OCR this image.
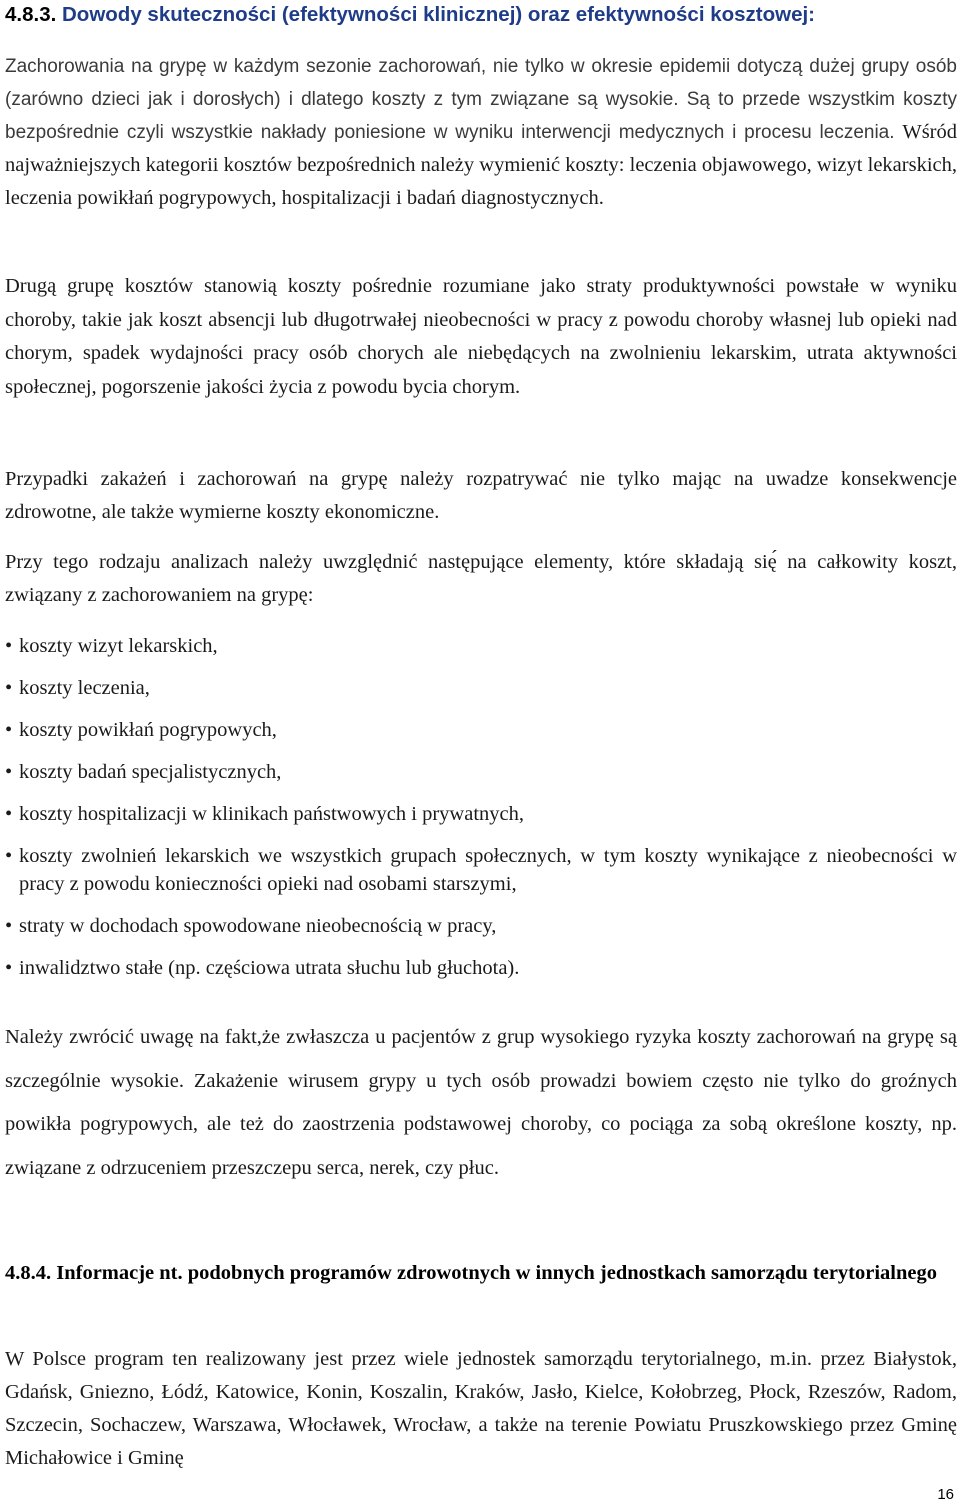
4.8.3. Dowody skuteczności (efektywności klinicznej) oraz efektywności kosztowej:

Zachorowania na grypę w każdym sezonie zachorowań, nie tylko w okresie epidemii dotyczą dużej grupy osób (zarówno dzieci jak i dorosłych) i dlatego koszty z tym związane są wysokie. Są to przede wszystkim koszty bezpośrednie czyli wszystkie nakłady poniesione w wyniku interwencji medycznych i procesu leczenia. Wśród najważniejszych kategorii kosztów bezpośrednich należy wymienić koszty: leczenia objawowego, wizyt lekarskich, leczenia powikłań pogrypowych, hospitalizacji i badań diagnostycznych.

Drugą grupę kosztów stanowią koszty pośrednie rozumiane jako straty produktywności powstałe w wyniku choroby, takie jak koszt absencji lub długotrwałej nieobecności w pracy z powodu choroby własnej lub opieki nad chorym, spadek wydajności pracy osób chorych ale niebędących na zwolnieniu lekarskim, utrata aktywności społecznej, pogorszenie jakości życia z powodu bycia chorym.

Przypadki zakażeń i zachorowań na grypę należy rozpatrywać nie tylko mając na uwadze konsekwencje zdrowotne, ale także wymierne koszty ekonomiczne.

Przy tego rodzaju analizach należy uwzględnić następujące elementy, które składają się́ na całkowity koszt, związany z zachorowaniem na grypę:

• koszty wizyt lekarskich,
• koszty leczenia,
• koszty powikłań pogrypowych,
• koszty badań specjalistycznych,
• koszty hospitalizacji w klinikach państwowych i prywatnych,
• koszty zwolnień lekarskich we wszystkich grupach społecznych, w tym koszty wynikające z nieobecności w pracy z powodu konieczności opieki nad osobami starszymi,
• straty w dochodach spowodowane nieobecnością w pracy,
• inwalidztwo stałe (np. częściowa utrata słuchu lub głuchota).

Należy zwrócić uwagę na fakt,że zwłaszcza u pacjentów z grup wysokiego ryzyka koszty zachorowań na grypę są szczególnie wysokie. Zakażenie wirusem grypy u tych osób prowadzi bowiem często nie tylko do groźnych powikła pogrypowych, ale też do zaostrzenia podstawowej choroby, co pociąga za sobą określone koszty, np. związane z odrzuceniem przeszczepu serca, nerek, czy płuc.

4.8.4. Informacje nt. podobnych programów zdrowotnych w innych jednostkach samorządu terytorialnego

W Polsce program ten realizowany jest przez wiele jednostek samorządu terytorialnego, m.in. przez Białystok, Gdańsk, Gniezno, Łódź, Katowice, Konin, Koszalin, Kraków, Jasło, Kielce, Kołobrzeg, Płock, Rzeszów, Radom, Szczecin, Sochaczew, Warszawa, Włocławek, Wrocław, a także na terenie Powiatu Pruszkowskiego przez Gminę Michałowice i Gminę

16
